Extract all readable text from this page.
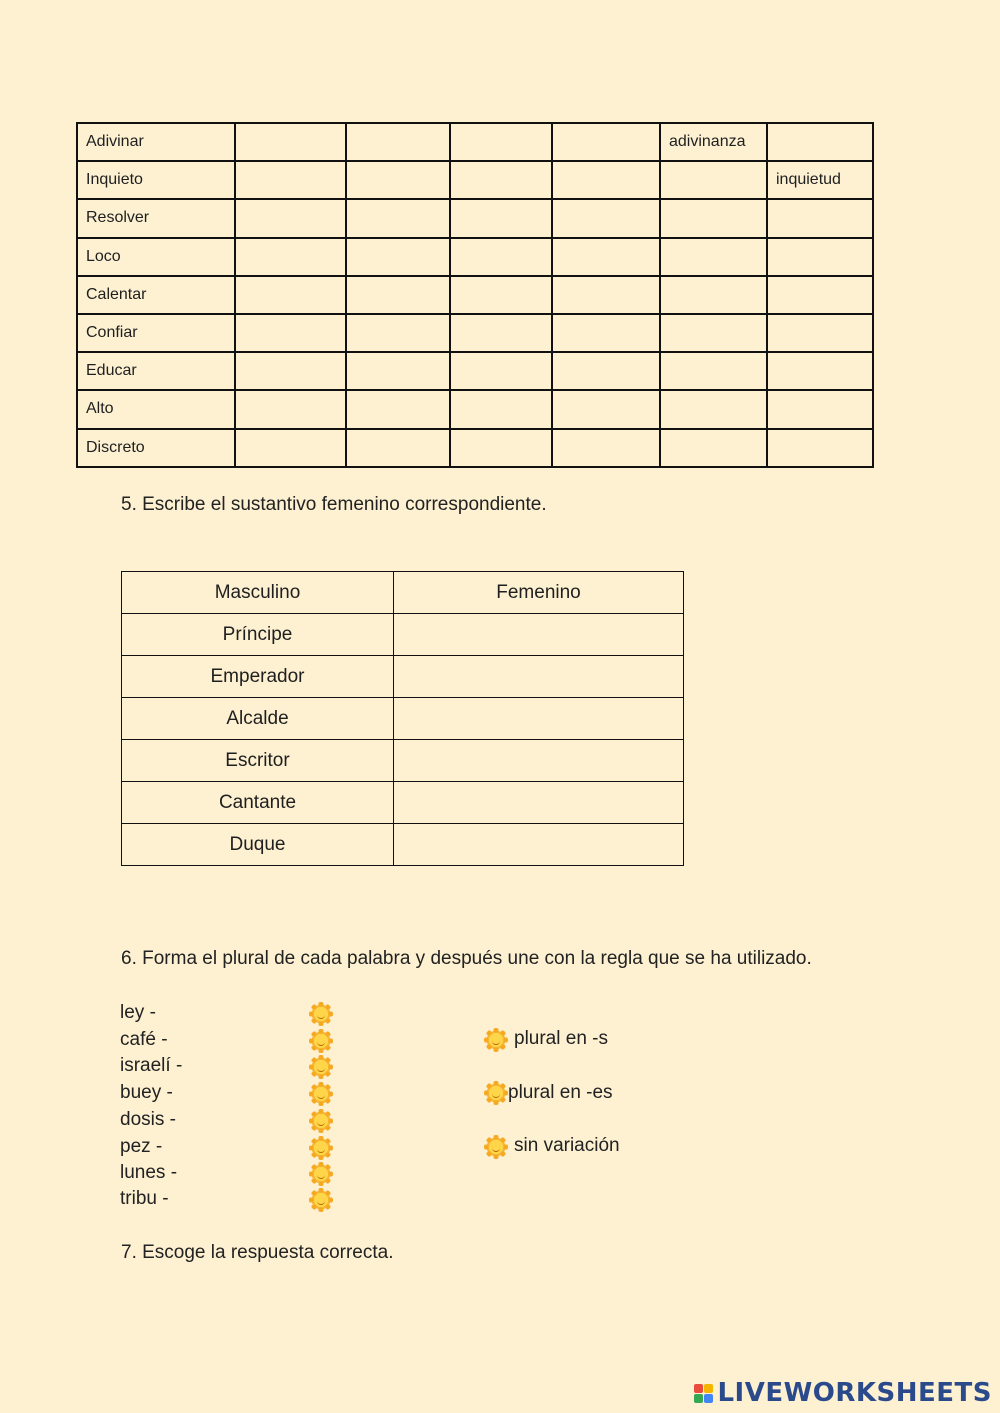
Adivinar					adivinanza	
Inquieto						inquietud
Resolver						
Loco						
Calentar						
Confiar						
Educar						
Alto						
Discreto						
5. Escribe el sustantivo femenino correspondiente.
Masculino	Femenino
Príncipe	
Emperador	
Alcalde	
Escritor	
Cantante	
Duque	
6. Forma el plural de cada palabra y después une con la regla que se ha utilizado.
ley -
café -
israelí -
buey -
dosis -
pez -
lunes -
tribu -
plural en -s
plural en -es
sin variación
7. Escoge la respuesta correcta.
LIVEWORKSHEETS
